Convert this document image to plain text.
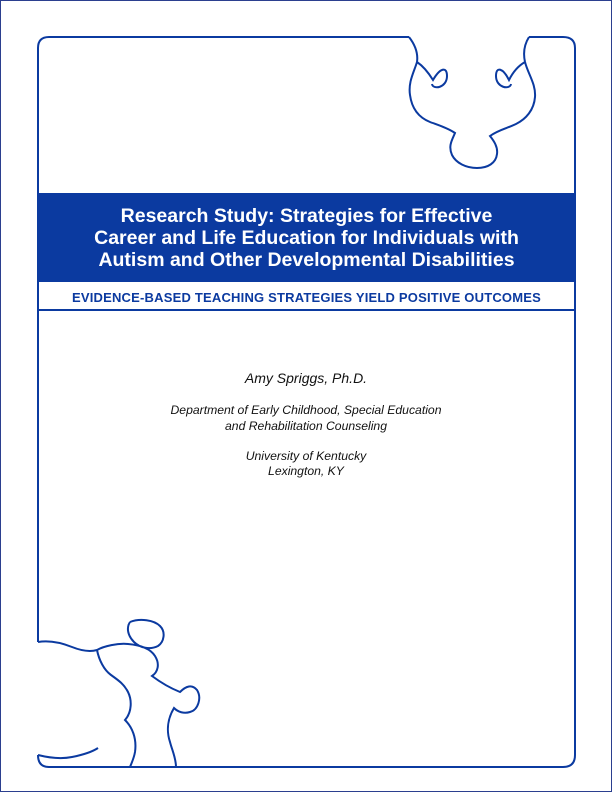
Research Study: Strategies for Effective
Career and Life Education for Individuals with
Autism and Other Developmental Disabilities
EVIDENCE-BASED TEACHING STRATEGIES YIELD POSITIVE OUTCOMES
Amy Spriggs, Ph.D.
Department of Early Childhood, Special Education
and Rehabilitation Counseling
University of Kentucky
Lexington, KY
